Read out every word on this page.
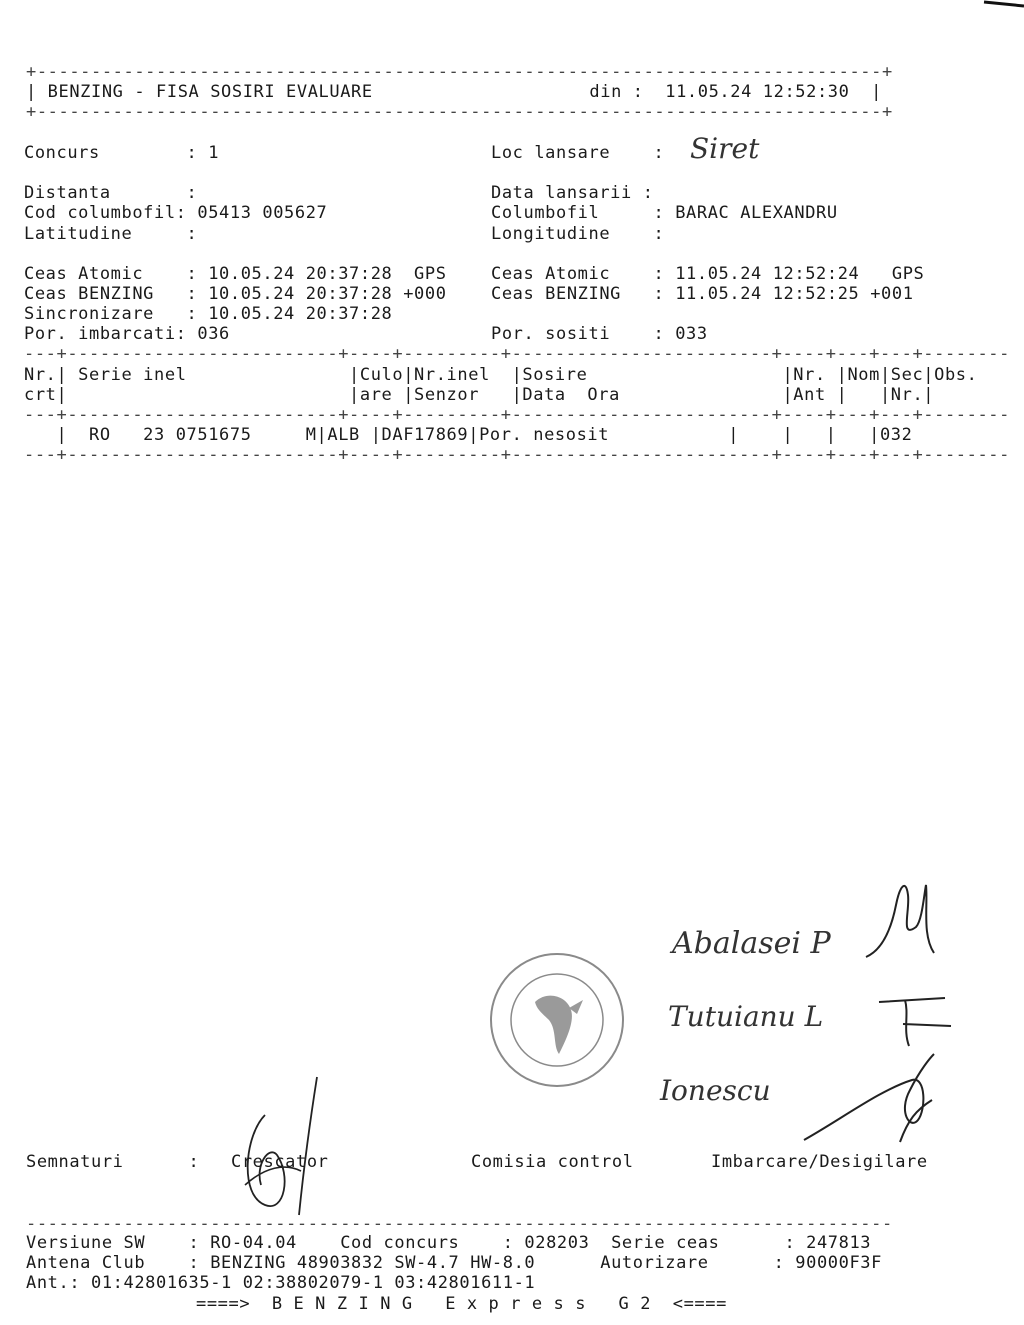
+------------------------------------------------------------------------------+
| BENZING - FISA SOSIRI EVALUARE                    din :  11.05.24 12:52:30  |
+------------------------------------------------------------------------------+
Concurs        : 1	Loc lansare    : Siret
Distanta       :	Data lansarii :
Cod columbofil: 05413 005627	Columbofil     : BARAC ALEXANDRU
Latitudine     :	Longitudine    :
Ceas Atomic    : 10.05.24 20:37:28  GPS	Ceas Atomic    : 11.05.24 12:52:24   GPS
Ceas BENZING   : 10.05.24 20:37:28 +000	Ceas BENZING   : 11.05.24 12:52:25 +001
Sincronizare   : 10.05.24 20:37:28
Por. imbarcati: 036	Por. sositi    : 033
---+-------------------------+----+---------+------------------------+----+---+---+--------
Nr.| Serie inel               |Culo|Nr.inel  |Sosire                  |Nr. |Nom|Sec|Obs.
crt|                          |are |Senzor   |Data  Ora               |Ant |   |Nr.|
---+-------------------------+----+---------+------------------------+----+---+---+--------
|  RO   23 0751675     M|ALB |DAF17869|Por. nesosit           |    |   |   |032
---+-------------------------+----+---------+------------------------+----+---+---+--------
Abalasei P
Tutuianu L
Ionescu
Semnaturi      : Crescator	Comisia control	Imbarcare/Desigilare
--------------------------------------------------------------------------------
Versiune SW    : RO-04.04    Cod concurs    : 028203  Serie ceas      : 247813
Antena Club    : BENZING 48903832 SW-4.7 HW-8.0      Autorizare      : 90000F3F
Ant.: 01:42801635-1 02:38802079-1 03:42801611-1
====>  B E N Z I N G   E x p r e s s   G 2  <====
